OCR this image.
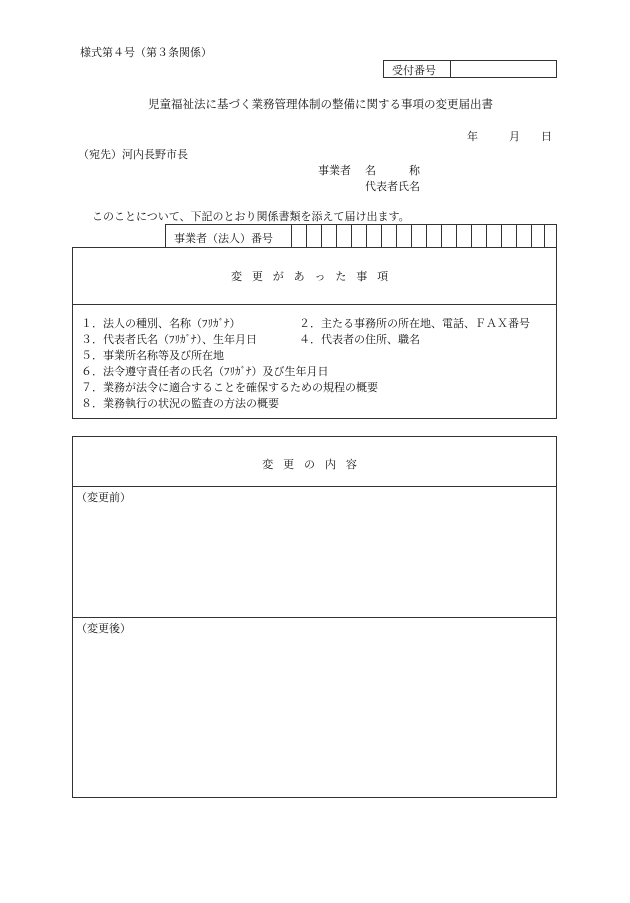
様式第４号（第３条関係）
受付番号
児童福祉法に基づく業務管理体制の整備に関する事項の変更届出書
年	月 日
（宛先）河内長野市長
事業者 名　　　称
代表者氏名
このことについて、下記のとおり関係書類を添えて届け出ます。
事業者（法人）番号
変更があった事項
１．法人の種別、名称（ﾌﾘｶﾞﾅ）	２．主たる事務所の所在地、電話、ＦＡＸ番号
３．代表者氏名（ﾌﾘｶﾞﾅ）、生年月日	４．代表者の住所、職名
５．事業所名称等及び所在地
６．法令遵守責任者の氏名（ﾌﾘｶﾞﾅ）及び生年月日
７．業務が法令に適合することを確保するための規程の概要
８．業務執行の状況の監査の方法の概要
変更の内容
（変更前）
（変更後）
